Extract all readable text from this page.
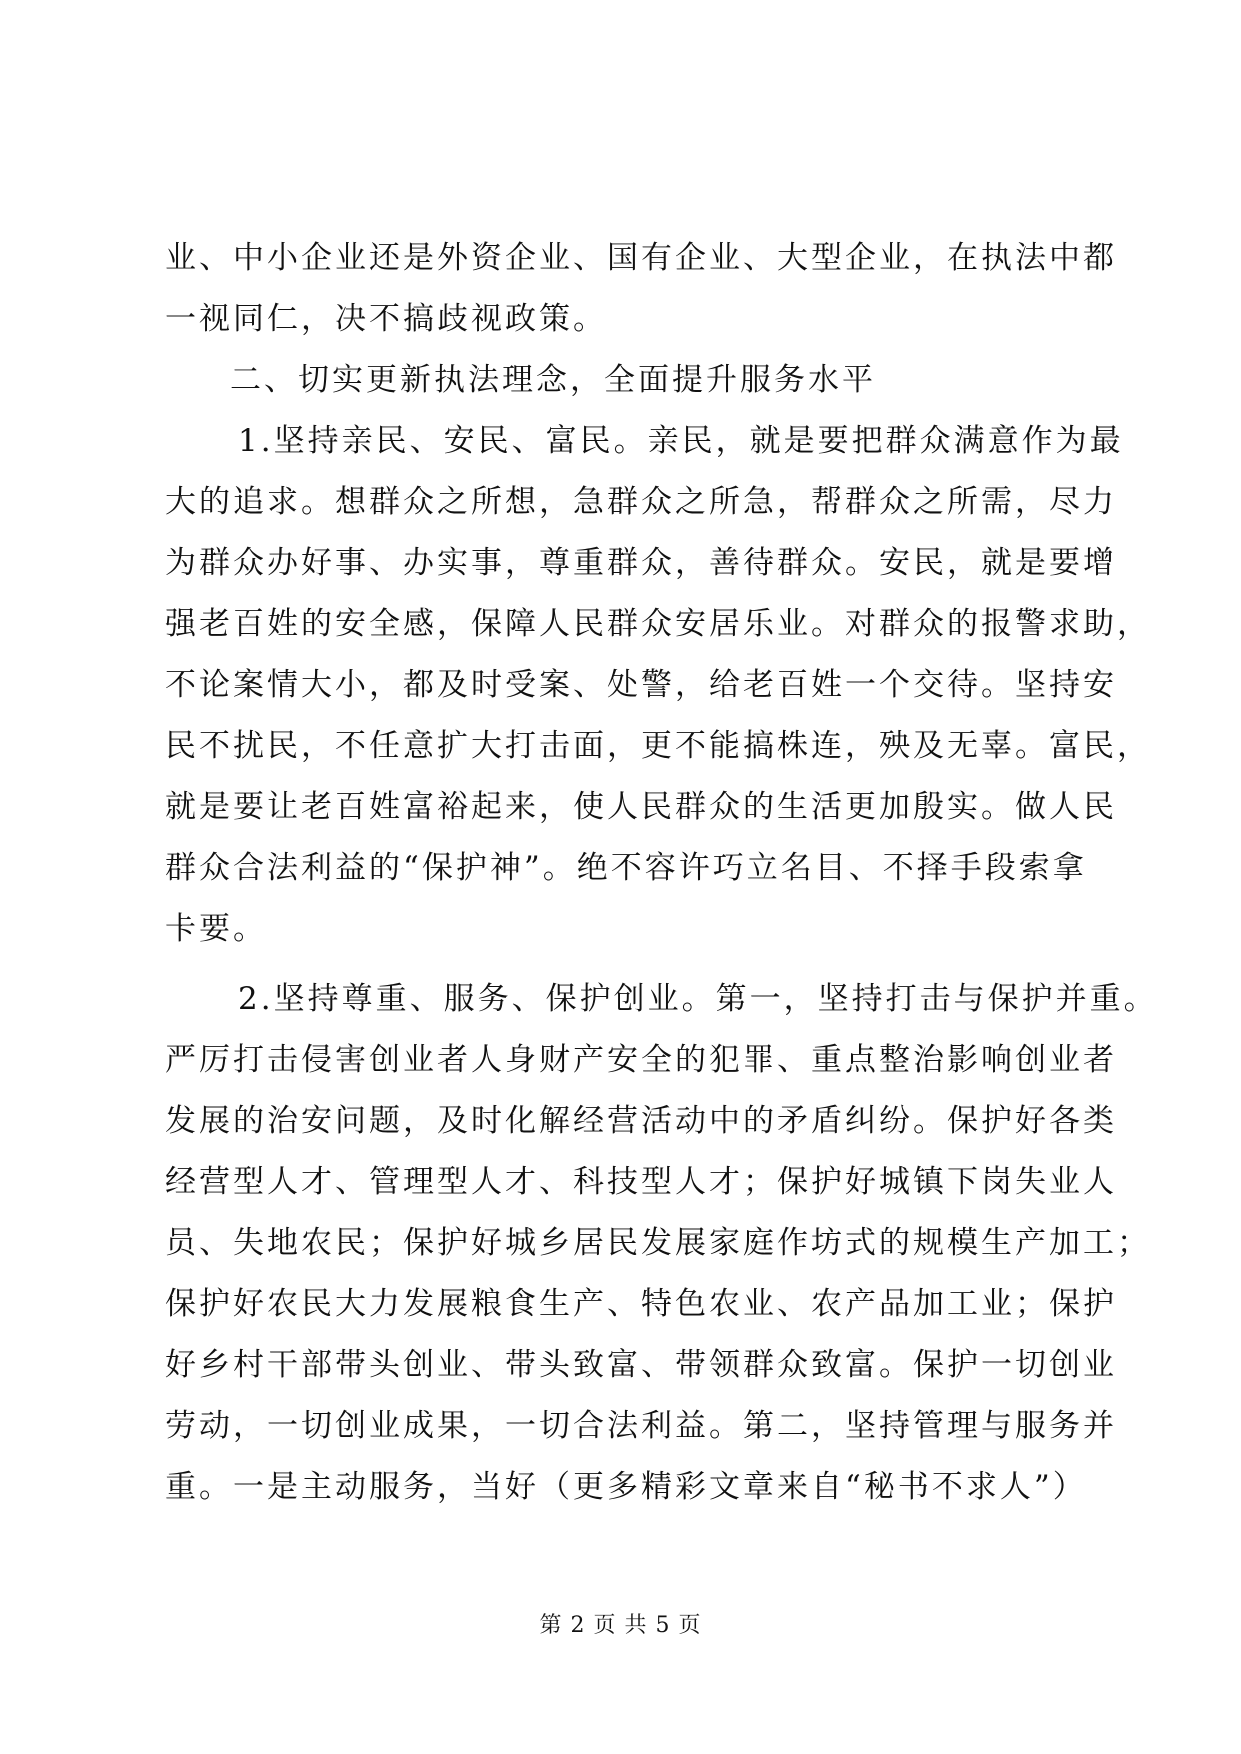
业、中小企业还是外资企业、国有企业、大型企业，在执法中都
一视同仁，决不搞歧视政策。
二、切实更新执法理念，全面提升服务水平
1.坚持亲民、安民、富民。亲民，就是要把群众满意作为最
大的追求。想群众之所想，急群众之所急，帮群众之所需，尽力
为群众办好事、办实事，尊重群众，善待群众。安民，就是要增
强老百姓的安全感，保障人民群众安居乐业。对群众的报警求助，
不论案情大小，都及时受案、处警，给老百姓一个交待。坚持安
民不扰民，不任意扩大打击面，更不能搞株连，殃及无辜。富民，
就是要让老百姓富裕起来，使人民群众的生活更加殷实。做人民
群众合法利益的“保护神”。绝不容许巧立名目、不择手段索拿
卡要。
2.坚持尊重、服务、保护创业。第一，坚持打击与保护并重。
严厉打击侵害创业者人身财产安全的犯罪、重点整治影响创业者
发展的治安问题，及时化解经营活动中的矛盾纠纷。保护好各类
经营型人才、管理型人才、科技型人才；保护好城镇下岗失业人
员、失地农民；保护好城乡居民发展家庭作坊式的规模生产加工；
保护好农民大力发展粮食生产、特色农业、农产品加工业；保护
好乡村干部带头创业、带头致富、带领群众致富。保护一切创业
劳动，一切创业成果，一切合法利益。第二，坚持管理与服务并
重。一是主动服务，当好（更多精彩文章来自“秘书不求人”）
第 2 页 共 5 页
